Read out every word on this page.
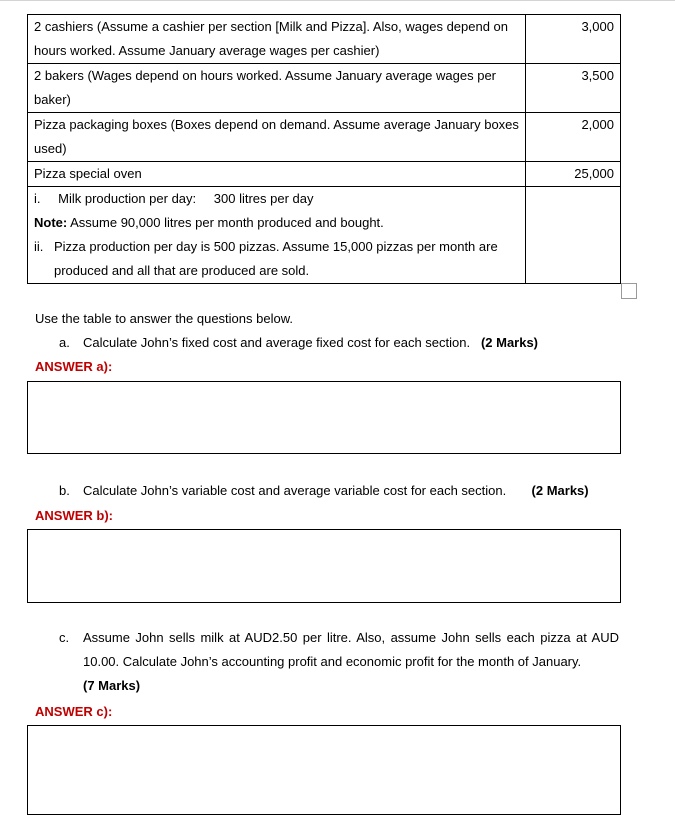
2 cashiers (Assume a cashier per section [Milk and Pizza]. Also, wages depend on hours worked. Assume January average wages per cashier)	3,000
2 bakers (Wages depend on hours worked. Assume January average wages per baker)	3,500
Pizza packaging boxes (Boxes depend on demand. Assume average January boxes used)	2,000
Pizza special oven	25,000

i. Milk production per day: 300 litres per day
Note: Assume 90,000 litres per month produced and bought.
ii. Pizza production per day is 500 pizzas. Assume 15,000 pizzas per month are produced and all that are produced are sold.	

Use the table to answer the questions below.
a. Calculate John’s fixed cost and average fixed cost for each section. (2 Marks)
ANSWER a):
b. Calculate John’s variable cost and average variable cost for each section. (2 Marks)
ANSWER b):
c.	Assume John sells milk at AUD2.50 per litre. Also, assume John sells each pizza at AUD 10.00. Calculate John’s accounting profit and economic profit for the month of January.
(7 Marks)
ANSWER c):
